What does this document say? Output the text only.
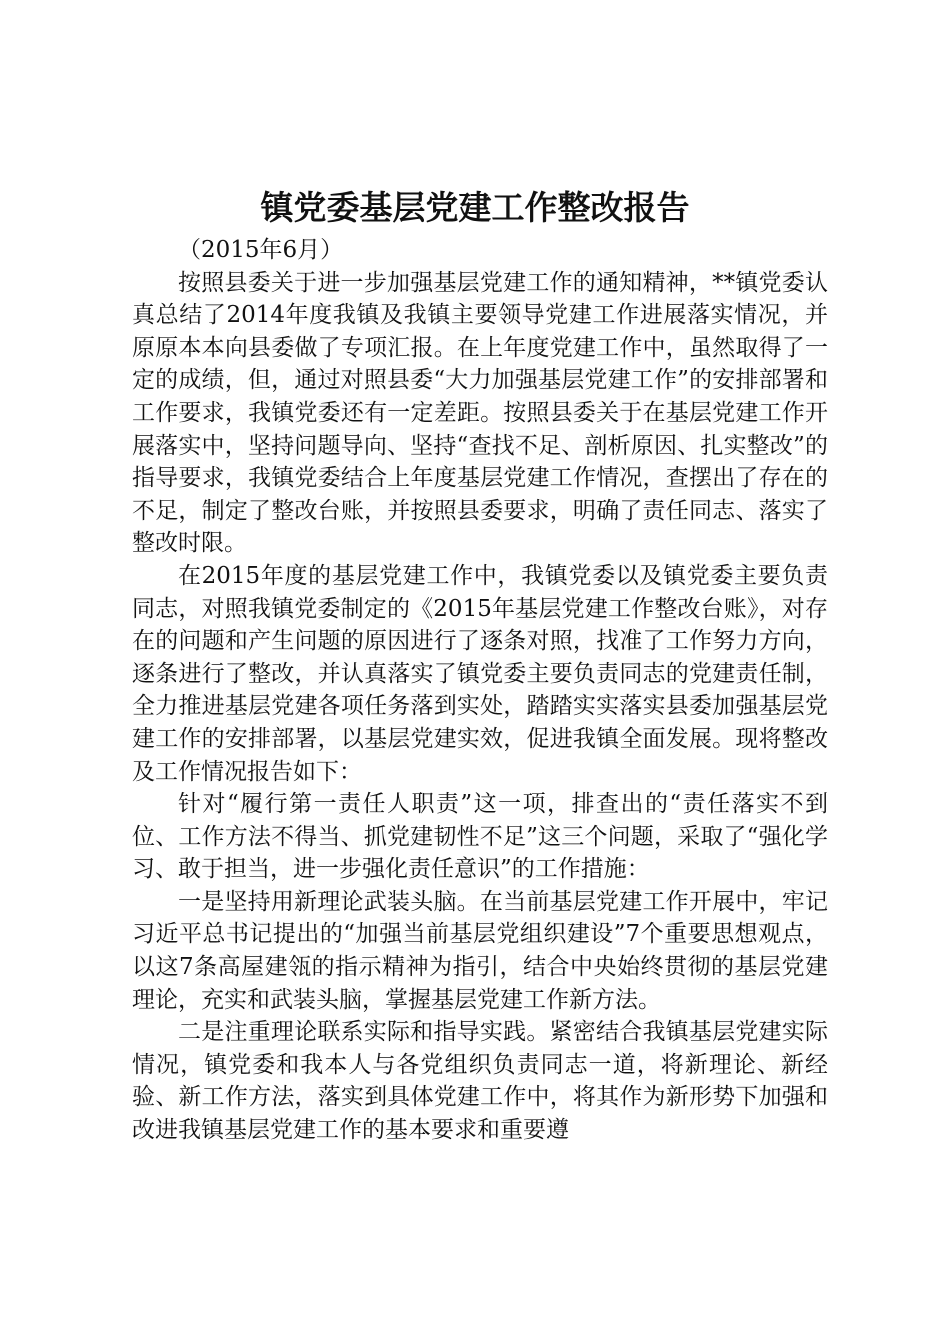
镇党委基层党建工作整改报告

（2015年6月）

按照县委关于进一步加强基层党建工作的通知精神，**镇党委认真总结了2014年度我镇及我镇主要领导党建工作进展落实情况，并原原本本向县委做了专项汇报。在上年度党建工作中，虽然取得了一定的成绩，但，通过对照县委“大力加强基层党建工作”的安排部署和工作要求，我镇党委还有一定差距。按照县委关于在基层党建工作开展落实中，坚持问题导向、坚持“查找不足、剖析原因、扎实整改”的指导要求，我镇党委结合上年度基层党建工作情况，查摆出了存在的不足，制定了整改台账，并按照县委要求，明确了责任同志、落实了整改时限。

在2015年度的基层党建工作中，我镇党委以及镇党委主要负责同志，对照我镇党委制定的《2015年基层党建工作整改台账》，对存在的问题和产生问题的原因进行了逐条对照，找准了工作努力方向，逐条进行了整改，并认真落实了镇党委主要负责同志的党建责任制，全力推进基层党建各项任务落到实处，踏踏实实落实县委加强基层党建工作的安排部署，以基层党建实效，促进我镇全面发展。现将整改及工作情况报告如下：

针对“履行第一责任人职责”这一项，排查出的“责任落实不到位、工作方法不得当、抓党建韧性不足”这三个问题，采取了“强化学习、敢于担当，进一步强化责任意识”的工作措施：

一是坚持用新理论武装头脑。在当前基层党建工作开展中，牢记习近平总书记提出的“加强当前基层党组织建设”7个重要思想观点，以这7条高屋建瓴的指示精神为指引，结合中央始终贯彻的基层党建理论，充实和武装头脑，掌握基层党建工作新方法。

二是注重理论联系实际和指导实践。紧密结合我镇基层党建实际情况，镇党委和我本人与各党组织负责同志一道，将新理论、新经验、新工作方法，落实到具体党建工作中，将其作为新形势下加强和改进我镇基层党建工作的基本要求和重要遵
